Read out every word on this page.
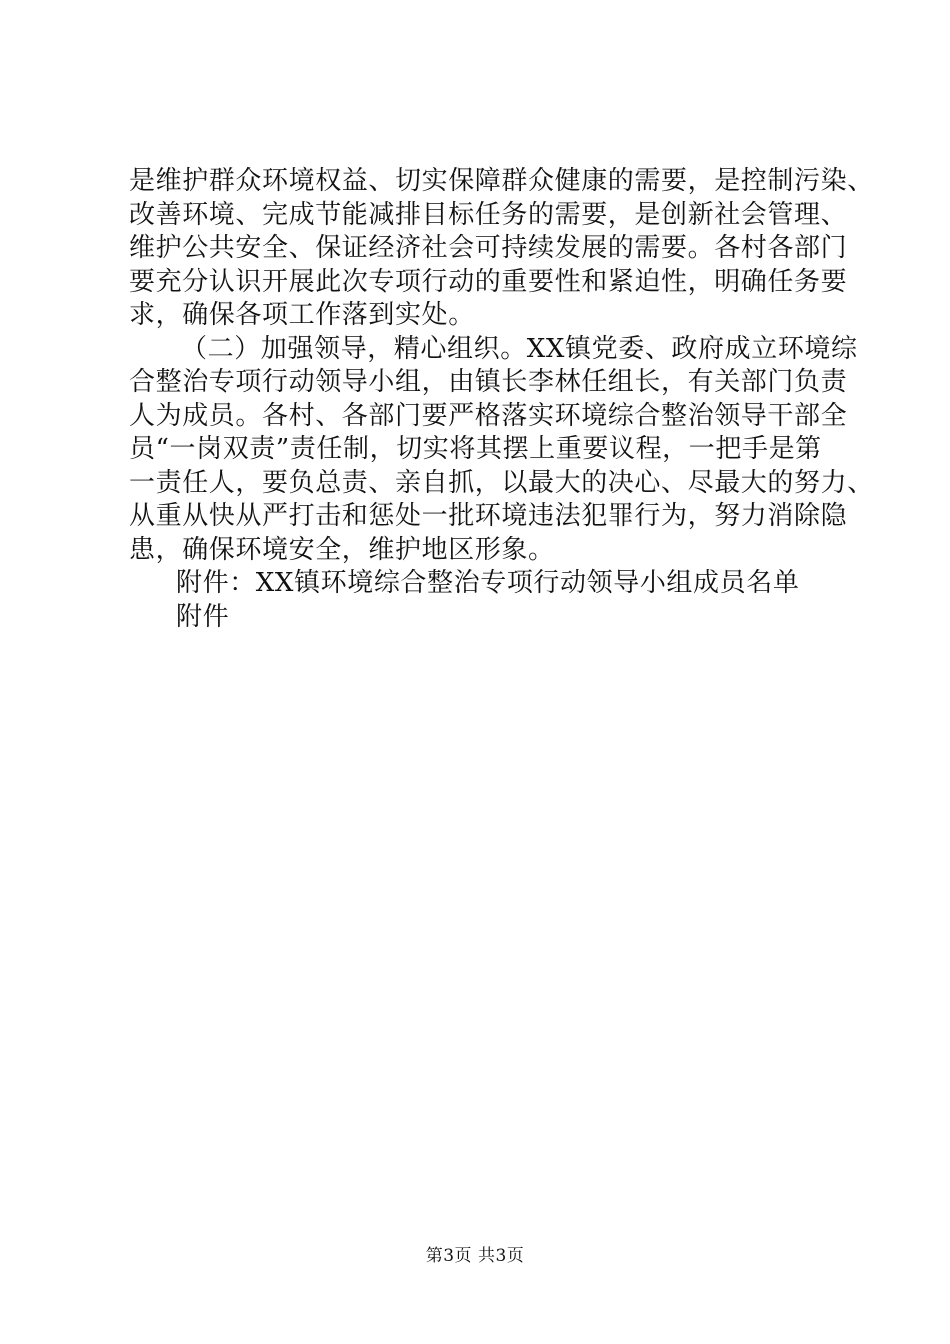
是维护群众环境权益、切实保障群众健康的需要，是控制污染、
改善环境、完成节能减排目标任务的需要，是创新社会管理、
维护公共安全、保证经济社会可持续发展的需要。各村各部门
要充分认识开展此次专项行动的重要性和紧迫性，明确任务要
求，确保各项工作落到实处。
（二）加强领导，精心组织。XX镇党委、政府成立环境综
合整治专项行动领导小组，由镇长李林任组长，有关部门负责
人为成员。各村、各部门要严格落实环境综合整治领导干部全
员“一岗双责”责任制，切实将其摆上重要议程，一把手是第
一责任人，要负总责、亲自抓，以最大的决心、尽最大的努力、
从重从快从严打击和惩处一批环境违法犯罪行为，努力消除隐
患，确保环境安全，维护地区形象。
附件：XX镇环境综合整治专项行动领导小组成员名单
附件
第3页 共3页
